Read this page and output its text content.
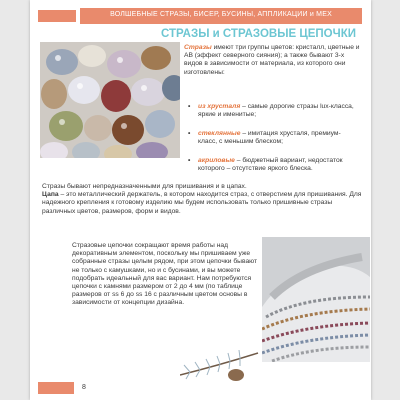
ВОЛШЕБНЫЕ СТРАЗЫ, БИСЕР, БУСИНЫ, АППЛИКАЦИИ и МЕХ
СТРАЗЫ и СТРАЗОВЫЕ ЦЕПОЧКИ
Стразы имеют три группы цветов: кристалл, цветные и АВ (эффект северного сияния); а также бывают 3-х видов в зависимости от материала, из которого они изготовлены:
•	из хрусталя – самые дорогие стразы lux-класса, яркие и именитые;
•	стеклянные – имитация хрусталя, премиум-класс, с меньшим блеском;
•	акриловые – бюджетный вариант, недостаток которого – отсутствие яркого блеска.
Стразы бывают непредназначенными для пришивания и в цапах.
Цапа – это металлический держатель, в котором находится страз, с отверстием для пришивания. Для надежного крепления к готовому изделию мы будем использовать только пришивные стразы различных цветов, размеров, форм и видов.
Стразовые цепочки сокращают время работы над декоративным элементом, поскольку мы пришиваем уже собранные стразы целым рядом, при этом цепочки бывают не только с камушками, но и с бусинами, и вы можете подобрать идеальный для вас вариант. Нам потребуются цепочки с камнями размером от 2 до 4 мм (по таблице размеров от ss 6 до ss 16 с различным цветом основы в зависимости от концепции дизайна.
8
